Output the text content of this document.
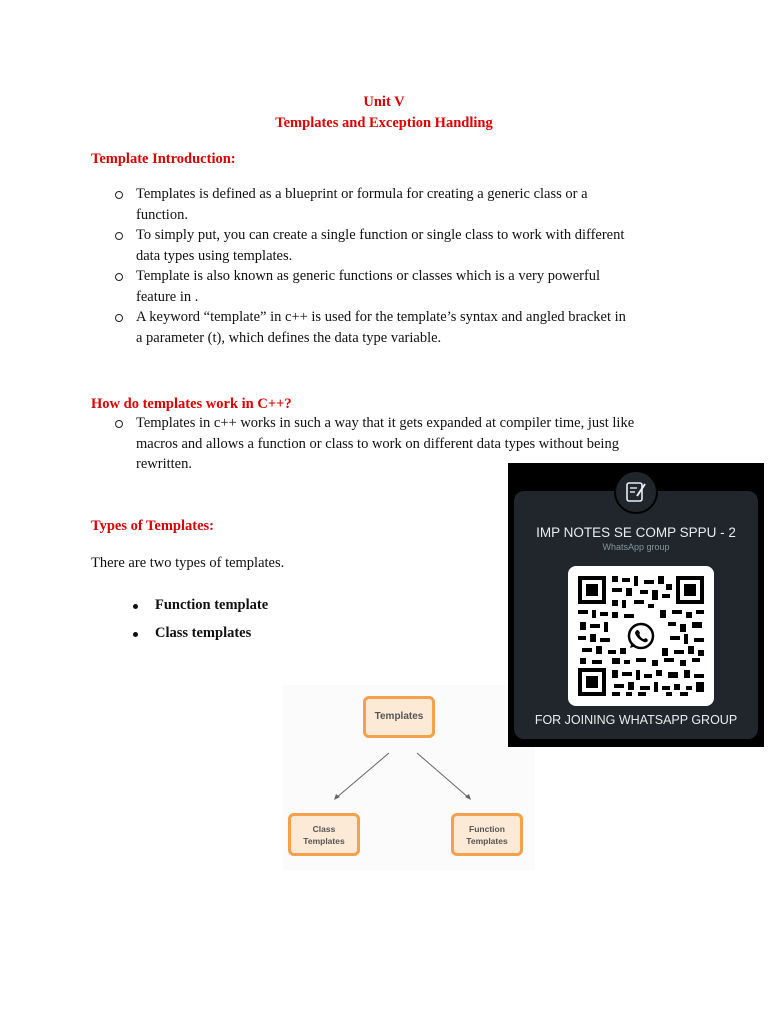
Unit V
Templates and Exception Handling
Template Introduction:
Templates is defined as a blueprint or formula for creating a generic class or a
function.
To simply put, you can create a single function or single class to work with different
data types using templates.
Template is also known as generic functions or classes which is a very powerful
feature in .
A keyword “template” in c++ is used for the template’s syntax and angled bracket in
a parameter (t), which defines the data type variable.
How do templates work in C++?
Templates in c++ works in such a way that it gets expanded at compiler time, just like
macros and allows a function or class to work on different data types without being
rewritten.
Types of Templates:
There are two types of templates.
Function template
Class templates
Templates
Class
Templates
Function
Templates
IMP NOTES SE COMP SPPU - 2
WhatsApp group
FOR JOINING WHATSAPP GROUP
